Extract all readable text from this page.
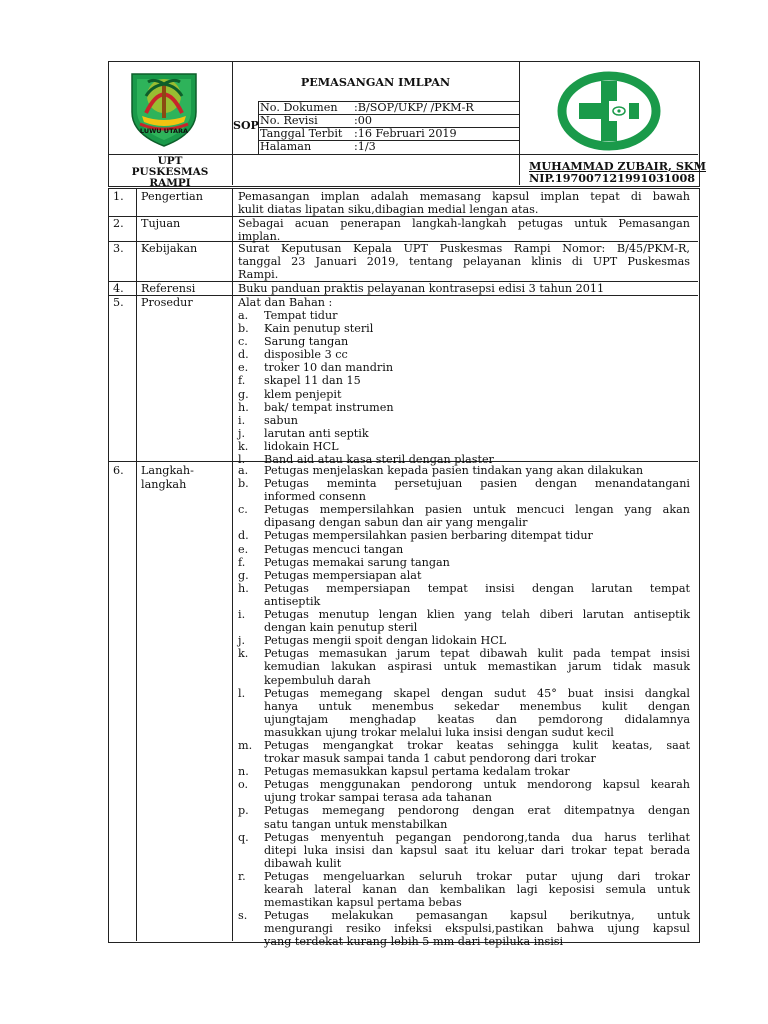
LUWU UTARA
PEMASANGAN IMLPAN
SOP
No. Dokumen :B/SOP/UKP/ /PKM-R
No. Revisi	:00
Tanggal Terbit :16 Februari 2019
Halaman	:1/3
UPT
PUSKESMAS
RAMPI
MUHAMMAD ZUBAIR, SKM
NIP.197007121991031008
1. Pengertian	Pemasangan implan adalah memasang kapsul implan tepat di bawah
kulit diatas lipatan siku,dibagian medial lengan atas.
2. Tujuan	Sebagai acuan penerapan langkah-langkah petugas untuk Pemasangan
implan.
3. Kebijakan	Surat Keputusan Kepala UPT Puskesmas Rampi Nomor: B/45/PKM-R,
tanggal 23 Januari 2019, tentang pelayanan klinis di UPT Puskesmas
Rampi.
4. Referensi	Buku panduan praktis pelayanan kontrasepsi edisi 3 tahun 2011
5. Prosedur	Alat dan Bahan :
a. Tempat tidur
b. Kain penutup steril
c. Sarung tangan
d. disposible 3 cc
e. troker 10 dan mandrin
f. skapel 11 dan 15
g. klem penjepit
h. bak/ tempat instrumen
i. sabun
j. larutan anti septik
k. lidokain HCL
l. Band aid atau kasa steril dengan plaster
6. Langkah-
langkah
a. Petugas menjelaskan kepada pasien tindakan yang akan dilakukan
b. Petugas meminta persetujuan pasien dengan menandatangani
informed consenn
c. Petugas mempersilahkan pasien untuk mencuci lengan yang akan
dipasang dengan sabun dan air yang mengalir
d. Petugas mempersilahkan pasien berbaring ditempat tidur
e. Petugas mencuci tangan
f. Petugas memakai sarung tangan
g. Petugas mempersiapan alat
h. Petugas mempersiapan tempat insisi dengan larutan tempat
antiseptik
i. Petugas menutup lengan klien yang telah diberi larutan antiseptik
dengan kain penutup steril
j. Petugas mengii spoit dengan lidokain HCL
k. Petugas memasukan jarum tepat dibawah kulit pada tempat insisi
kemudian lakukan aspirasi untuk memastikan jarum tidak masuk
kepembuluh darah
l. Petugas memegang skapel dengan sudut 45° buat insisi dangkal
hanya untuk menembus sekedar menembus kulit dengan
ujungtajam menghadap keatas dan pemdorong didalamnya
masukkan ujung trokar melalui luka insisi dengan sudut kecil
m. Petugas mengangkat trokar keatas sehingga kulit keatas, saat
trokar masuk sampai tanda 1 cabut pendorong dari trokar
n. Petugas memasukkan kapsul pertama kedalam trokar
o. Petugas menggunakan pendorong untuk mendorong kapsul kearah
ujung trokar sampai terasa ada tahanan
p. Petugas memegang pendorong dengan erat ditempatnya dengan
satu tangan untuk menstabilkan
q. Petugas menyentuh pegangan pendorong,tanda dua harus terlihat
ditepi luka insisi dan kapsul saat itu keluar dari trokar tepat berada
dibawah kulit
r. Petugas mengeluarkan seluruh trokar putar ujung dari trokar
kearah lateral kanan dan kembalikan lagi keposisi semula untuk
memastikan kapsul pertama bebas
s. Petugas melakukan pemasangan kapsul berikutnya, untuk
mengurangi resiko infeksi ekspulsi,pastikan bahwa ujung kapsul
yang terdekat kurang lebih 5 mm dari tepiluka insisi
